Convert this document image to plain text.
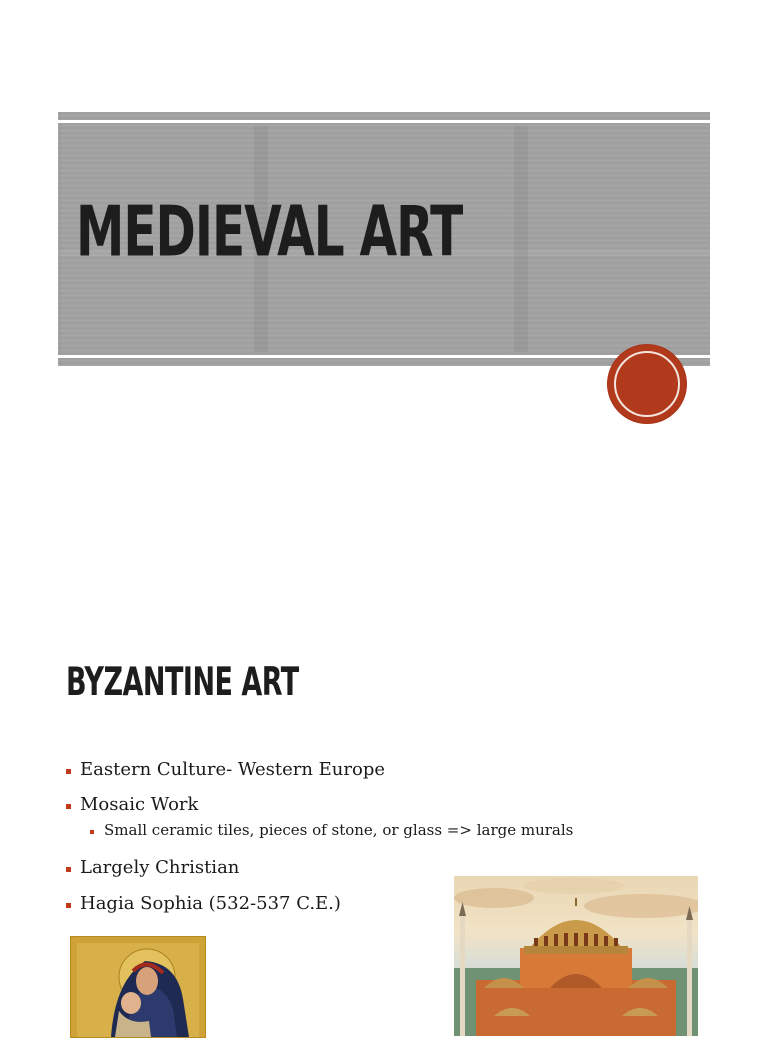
MEDIEVAL ART
BYZANTINE ART
Eastern Culture- Western Europe
Mosaic Work
Small ceramic tiles, pieces of stone, or glass => large murals
Largely Christian
Hagia Sophia (532-537 C.E.)
